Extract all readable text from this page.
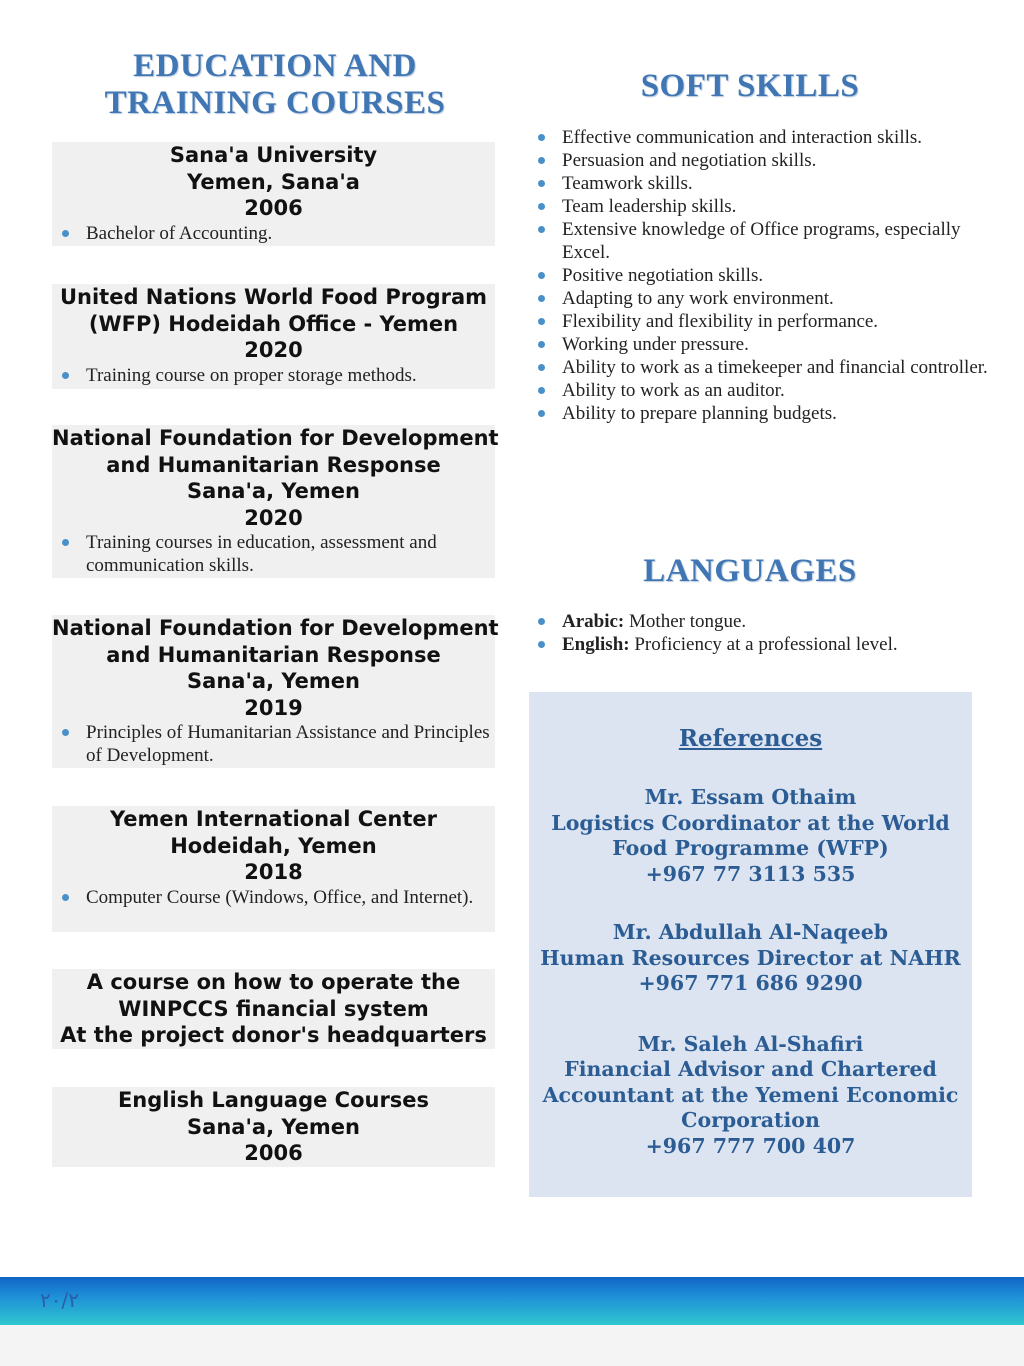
EDUCATION AND
TRAINING COURSES
Sana'a University
Yemen, Sana'a
2006
Bachelor of Accounting.
United Nations World Food Program
(WFP) Hodeidah Office - Yemen
2020
Training course on proper storage methods.
National Foundation for Development
and Humanitarian Response
Sana'a, Yemen
2020
Training courses in education, assessment and communication skills.
National Foundation for Development
and Humanitarian Response
Sana'a, Yemen
2019
Principles of Humanitarian Assistance and Principles of Development.
Yemen International Center
Hodeidah, Yemen
2018
Computer Course (Windows, Office, and Internet).
A course on how to operate the
WINPCCS financial system
At the project donor's headquarters
English Language Courses
Sana'a, Yemen
2006
SOFT SKILLS
Effective communication and interaction skills.
Persuasion and negotiation skills.
Teamwork skills.
Team leadership skills.
Extensive knowledge of Office programs, especially Excel.
Positive negotiation skills.
Adapting to any work environment.
Flexibility and flexibility in performance.
Working under pressure.
Ability to work as a timekeeper and financial controller.
Ability to work as an auditor.
Ability to prepare planning budgets.
LANGUAGES
Arabic: Mother tongue.
English: Proficiency at a professional level.
References
Mr. Essam Othaim
Logistics Coordinator at the World
Food Programme (WFP)
+967 77 3113 535
Mr. Abdullah Al-Naqeeb
Human Resources Director at NAHR
+967 771 686 9290
Mr. Saleh Al-Shafiri
Financial Advisor and Chartered
Accountant at the Yemeni Economic
Corporation
+967 777 700 407
٢٠/٢
